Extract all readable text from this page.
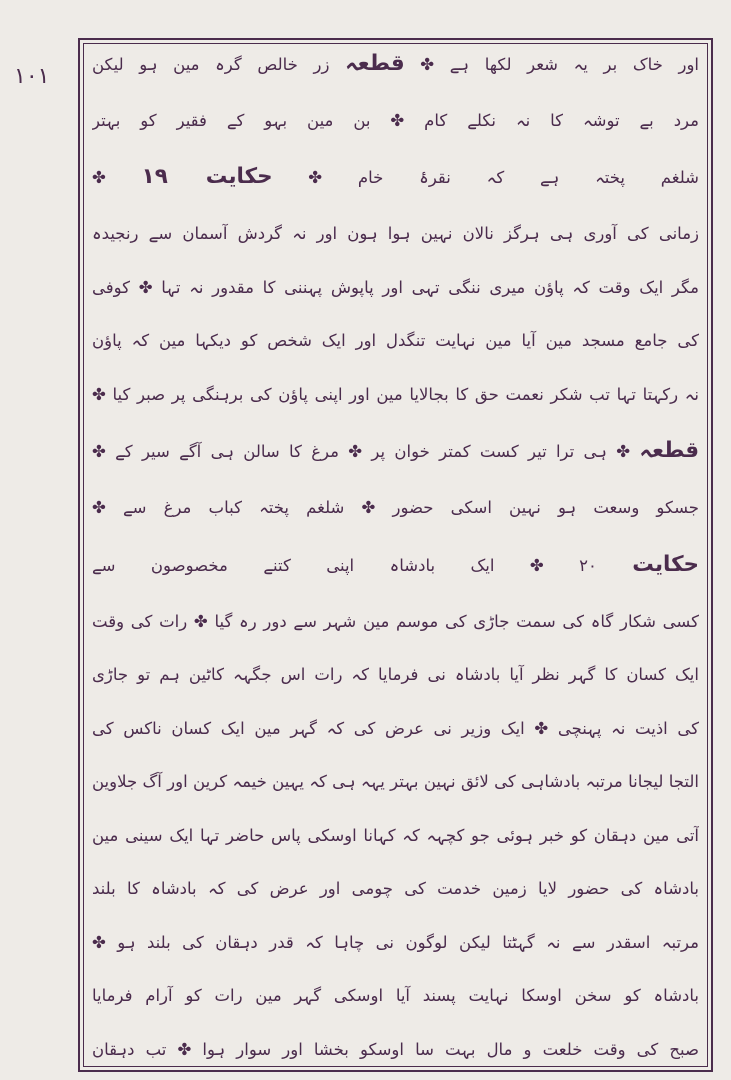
۱۰۱	اور خاک بر یہ شعر لکھا ہے ✤ قطعہ زر خالص گرہ مین ہو لیکن
مرد بے توشہ کا نہ نکلے کام ✤ بن مین بہو کے فقیر کو بہتر
شلغم پختہ ہے کہ نقرۂ خام ✤ حکایت ۱۹ ✤
زمانی کی آوری ہی ہرگز نالان نہین ہوا ہون اور نہ گردش آسمان سے رنجیدہ
مگر ایک وقت کہ پاؤن میری ننگی تہی اور پاپوش پہننی کا مقدور نہ تہا ✤ کوفی
کی جامع مسجد مین آیا مین نہایت تنگدل اور ایک شخص کو دیکہا مین کہ پاؤن
نہ رکہتا تہا تب شکر نعمت حق کا بجالایا مین اور اپنی پاؤن کی برہنگی پر صبر کیا ✤
قطعہ ✤ ہی ترا تیر کست کمتر خوان پر ✤ مرغ کا سالن ہی آگے سیر کے ✤
جسکو وسعت ہو نہین اسکی حضور ✤ شلغم پختہ کباب مرغ سے ✤
حکایت ۲۰ ✤ ایک بادشاہ اپنی کتنے مخصوصون سے
کسی شکار گاہ کی سمت جاڑی کی موسم مین شہر سے دور رہ گیا ✤ رات کی وقت
ایک کسان کا گہر نظر آیا بادشاہ نی فرمایا کہ رات اس جگہہ کاٹین ہم تو جاڑی
کی اذیت نہ پہنچی ✤ ایک وزیر نی عرض کی کہ گہر مین ایک کسان ناکس کی
التجا لیجانا مرتبہ بادشاہی کی لائق نہین بہتر یہہ ہی کہ یہین خیمہ کرین اور آگ جلاوین
آتی مین دہقان کو خبر ہوئی جو کچہہ کہ کہانا اوسکی پاس حاضر تہا ایک سینی مین
بادشاہ کی حضور لایا زمین خدمت کی چومی اور عرض کی کہ بادشاہ کا بلند
مرتبہ اسقدر سے نہ گہٹتا لیکن لوگون نی چاہا کہ قدر دہقان کی بلند ہو ✤
بادشاہ کو سخن اوسکا نہایت پسند آیا اوسکی گہر مین رات کو آرام فرمایا
صبح کی وقت خلعت و مال بہت سا اوسکو بخشا اور سوار ہوا ✤ تب دہقان
